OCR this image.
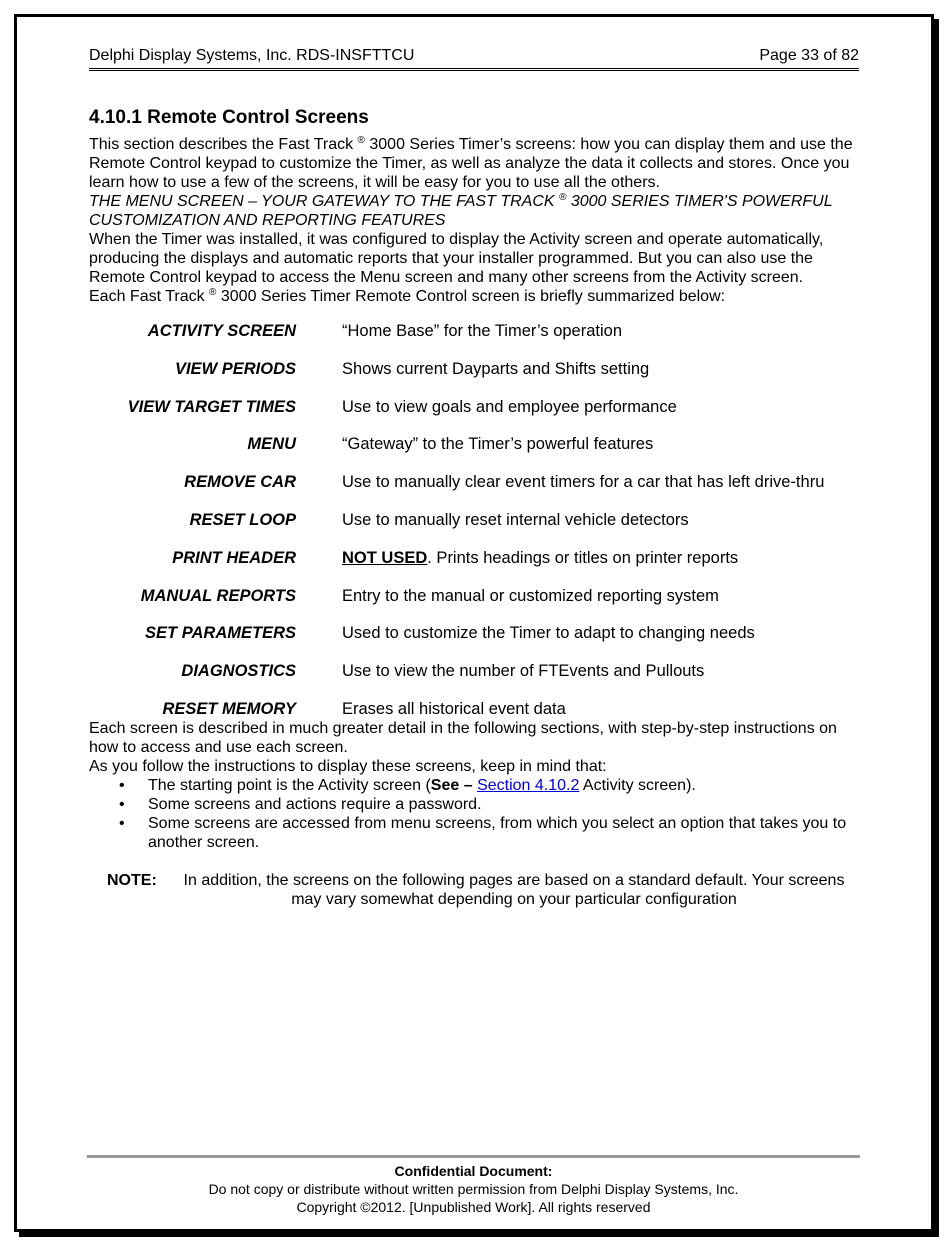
Delphi Display Systems, Inc. RDS-INSFTTCU	Page 33 of 82
4.10.1 Remote Control Screens

This section describes the Fast Track ® 3000 Series Timer’s screens: how you can display them and use the Remote Control keypad to customize the Timer, as well as analyze the data it collects and stores. Once you learn how to use a few of the screens, it will be easy for you to use all the others.

THE MENU SCREEN – YOUR GATEWAY TO THE FAST TRACK ® 3000 SERIES TIMER'S POWERFUL CUSTOMIZATION AND REPORTING FEATURES

When the Timer was installed, it was configured to display the Activity screen and operate automatically, producing the displays and automatic reports that your installer programmed. But you can also use the Remote Control keypad to access the Menu screen and many other screens from the Activity screen.

Each Fast Track ® 3000 Series Timer Remote Control screen is briefly summarized below:

ACTIVITY SCREEN	“Home Base” for the Timer’s operation
VIEW PERIODS	Shows current Dayparts and Shifts setting
VIEW TARGET TIMES	Use to view goals and employee performance
MENU	“Gateway” to the Timer’s powerful features
REMOVE CAR	Use to manually clear event timers for a car that has left drive-thru
RESET LOOP	Use to manually reset internal vehicle detectors
PRINT HEADER	NOT USED. Prints headings or titles on printer reports
MANUAL REPORTS	Entry to the manual or customized reporting system
SET PARAMETERS	Used to customize the Timer to adapt to changing needs
DIAGNOSTICS	Use to view the number of FTEvents and Pullouts
RESET MEMORY	Erases all historical event data

Each screen is described in much greater detail in the following sections, with step-by-step instructions on how to access and use each screen.

As you follow the instructions to display these screens, keep in mind that:

• The starting point is the Activity screen (See – Section 4.10.2 Activity screen).
• Some screens and actions require a password.
• Some screens are accessed from menu screens, from which you select an option that takes you to another screen.
NOTE:	In addition, the screens on the following pages are based on a standard default. Your screens may vary somewhat depending on your particular configuration
Confidential Document:
Do not copy or distribute without written permission from Delphi Display Systems, Inc.
Copyright ©2012. [Unpublished Work]. All rights reserved
